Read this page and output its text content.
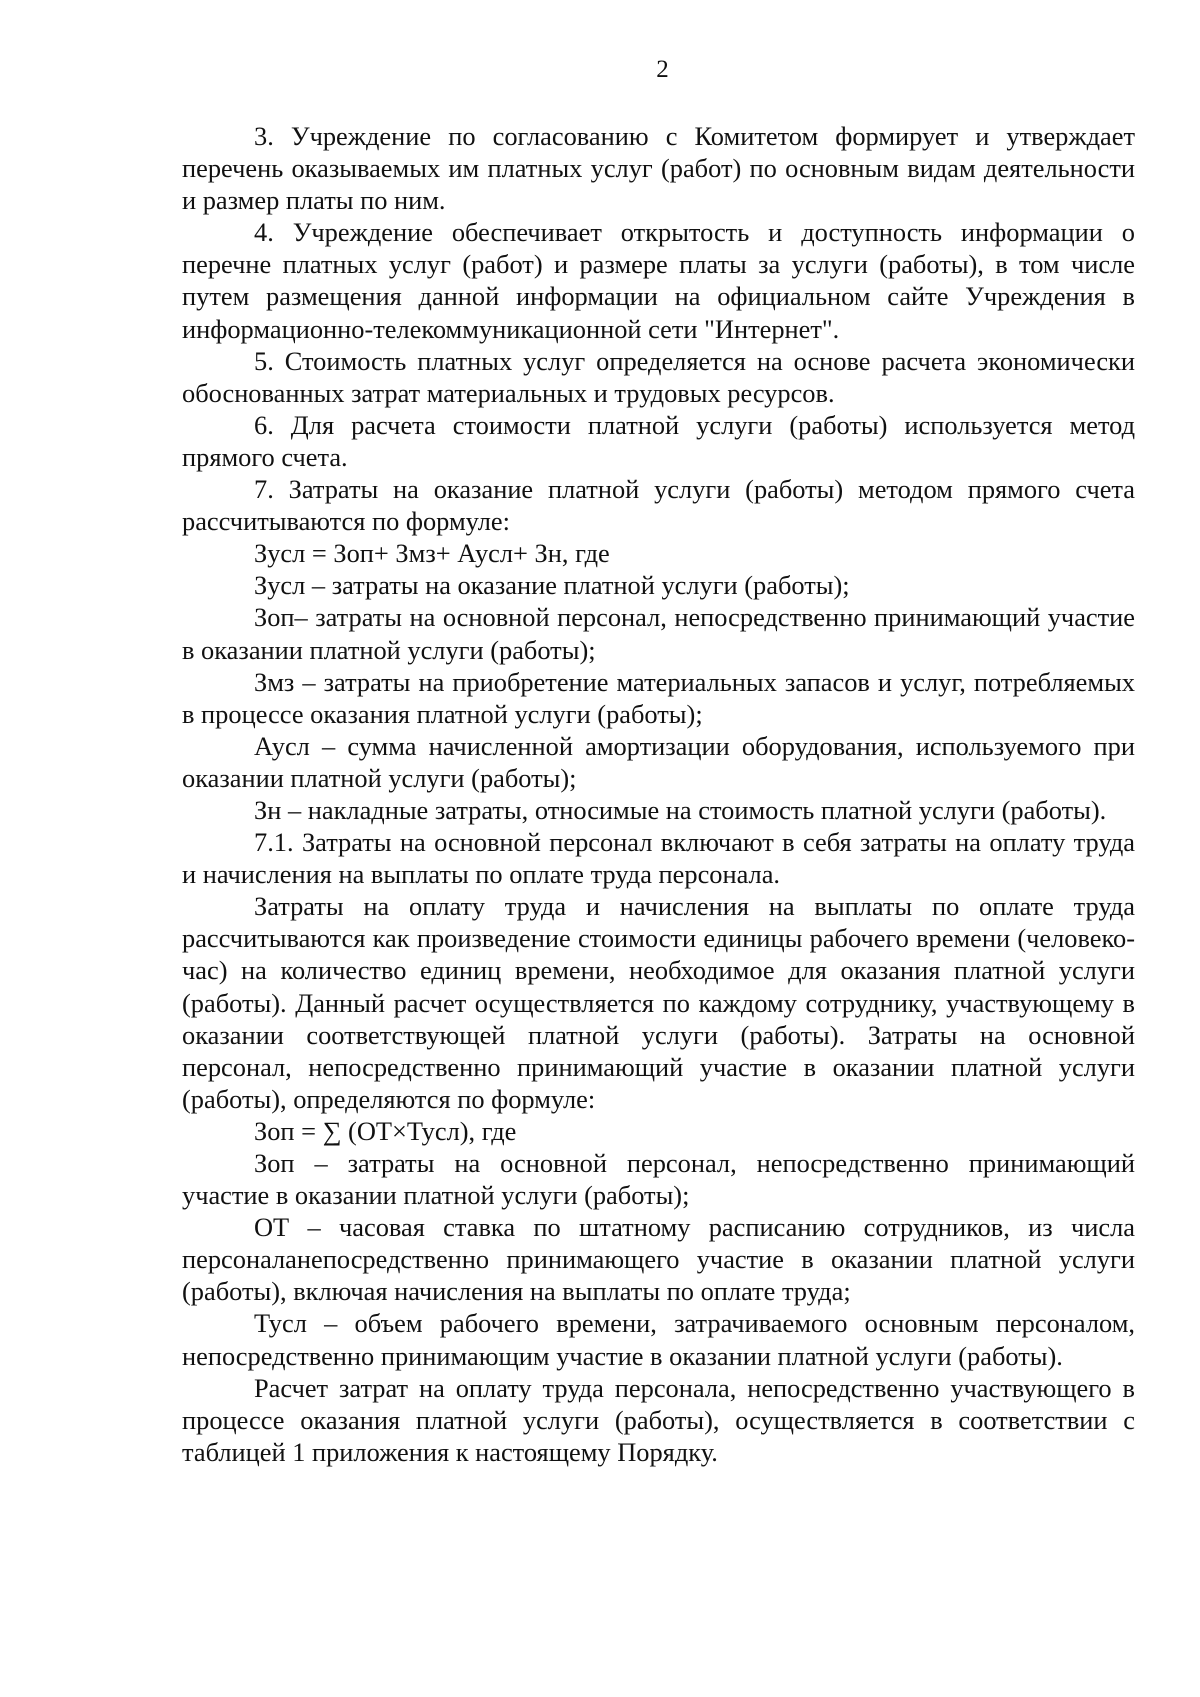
2

3. Учреждение по согласованию с Комитетом формирует и утверждает перечень оказываемых им платных услуг (работ) по основным видам деятельности и размер платы по ним.

4. Учреждение обеспечивает открытость и доступность информации о перечне платных услуг (работ) и размере платы за услуги (работы), в том числе путем размещения данной информации на официальном сайте Учреждения в информационно-телекоммуникационной сети "Интернет".

5. Стоимость платных услуг определяется на основе расчета экономически обоснованных затрат материальных и трудовых ресурсов.

6. Для расчета стоимости платной услуги (работы) используется метод прямого счета.

7. Затраты на оказание платной услуги (работы) методом прямого счета рассчитываются по формуле:

Зусл = Зоп+ Змз+ Аусл+ Зн, где

Зусл – затраты на оказание платной услуги (работы);

Зоп– затраты на основной персонал, непосредственно принимающий участие в оказании платной услуги (работы);

Змз – затраты на приобретение материальных запасов и услуг, потребляемых в процессе оказания платной услуги (работы);

Аусл – сумма начисленной амортизации оборудования, используемого при оказании платной услуги (работы);

Зн – накладные затраты, относимые на стоимость платной услуги (работы).

7.1. Затраты на основной персонал включают в себя затраты на оплату труда и начисления на выплаты по оплате труда персонала.

Затраты на оплату труда и начисления на выплаты по оплате труда рассчитываются как произведение стоимости единицы рабочего времени (человеко-час) на количество единиц времени, необходимое для оказания платной услуги (работы). Данный расчет осуществляется по каждому сотруднику, участвующему в оказании соответствующей платной услуги (работы). Затраты на основной персонал, непосредственно принимающий участие в оказании платной услуги (работы), определяются по формуле:

Зоп = ∑ (ОТ×Тусл), где

Зоп – затраты на основной персонал, непосредственно принимающий участие в оказании платной услуги (работы);

ОТ – часовая ставка по штатному расписанию сотрудников, из числа персоналанепосредственно принимающего участие в оказании платной услуги (работы), включая начисления на выплаты по оплате труда;

Тусл – объем рабочего времени, затрачиваемого основным персоналом, непосредственно принимающим участие в оказании платной услуги (работы).

Расчет затрат на оплату труда персонала, непосредственно участвующего в процессе оказания платной услуги (работы), осуществляется в соответствии с таблицей 1 приложения к настоящему Порядку.
